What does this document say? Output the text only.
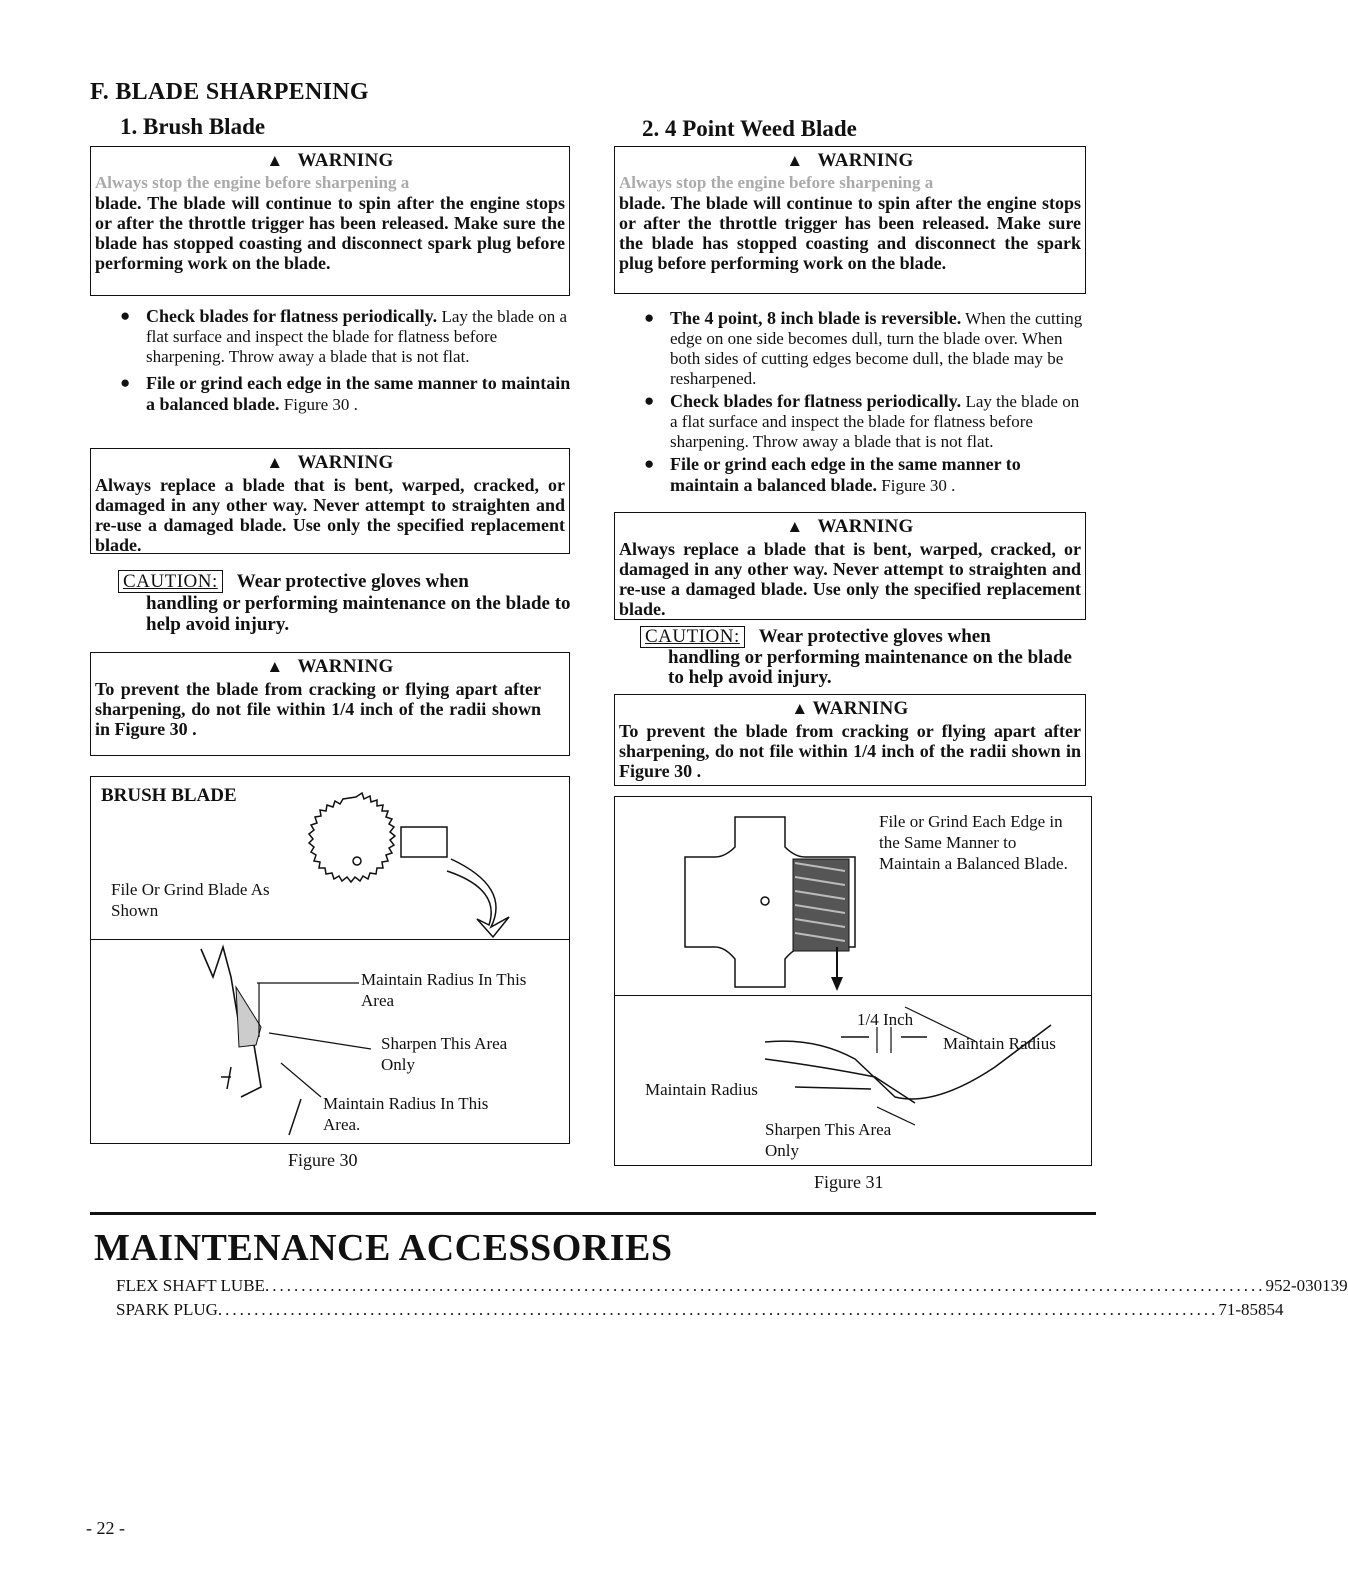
F. BLADE SHARPENING
1. Brush Blade
▲ WARNING
Always stop the engine before sharpening a
blade. The blade will continue to spin after the engine stops or after the throttle trigger has been released. Make sure the blade has stopped coasting and disconnect spark plug before performing work on the blade.
● Check blades for flatness periodically. Lay the blade on a flat surface and inspect the blade for flatness before sharpening. Throw away a blade that is not flat.
● File or grind each edge in the same manner to maintain a balanced blade. Figure 30 .
▲ WARNING
Always replace a blade that is bent, warped, cracked, or damaged in any other way. Never attempt to straighten and re-use a damaged blade. Use only the specified replacement blade.
CAUTION: Wear protective gloves when

handling or performing maintenance on the blade to help avoid injury.
▲ WARNING
To prevent the blade from cracking or flying apart after sharpening, do not file within 1/4 inch of the radii shown in Figure 30 .
BRUSH BLADE
File Or Grind Blade As Shown
Maintain Radius In This Area
Sharpen This Area Only
Maintain Radius In This Area.
Figure 30
2. 4 Point Weed Blade
▲ WARNING
Always stop the engine before sharpening a
blade. The blade will continue to spin after the engine stops or after the throttle trigger has been released. Make sure the blade has stopped coasting and disconnect the spark plug before performing work on the blade.
● The 4 point, 8 inch blade is reversible. When the cutting edge on one side becomes dull, turn the blade over. When both sides of cutting edges become dull, the blade may be resharpened.
● Check blades for flatness periodically. Lay the blade on a flat surface and inspect the blade for flatness before sharpening. Throw away a blade that is not flat.
● File or grind each edge in the same manner to maintain a balanced blade. Figure 30 .
▲ WARNING
Always replace a blade that is bent, warped, cracked, or damaged in any other way. Never attempt to straighten and re-use a damaged blade. Use only the specified replacement blade.
CAUTION: Wear protective gloves when

handling or performing maintenance on the blade to help avoid injury.
▲ WARNING
To prevent the blade from cracking or flying apart after sharpening, do not file within 1/4 inch of the radii shown in Figure 30 .
File or Grind Each Edge in the Same Manner to Maintain a Balanced Blade.
1/4 Inch
Maintain Radius
Maintain Radius
Sharpen This Area Only
Figure 31
MAINTENANCE ACCESSORIES
FLEX SHAFT LUBE .......................................................................................................................................... 952-030139
SPARK PLUG .......................................................................................................................................... 71-85854
- 22 -
